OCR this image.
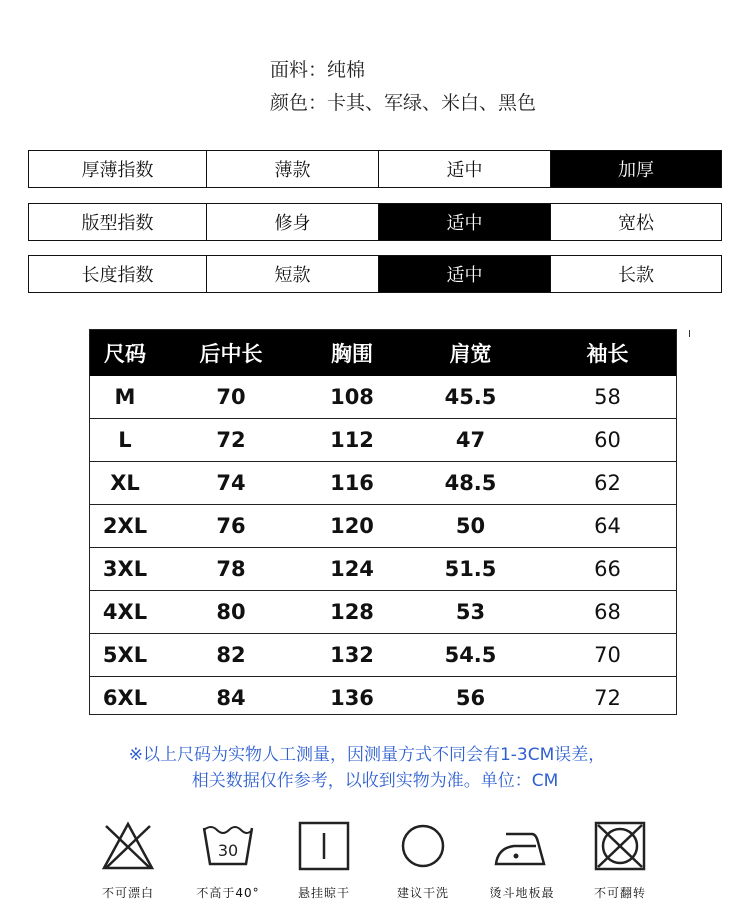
面料：纯棉
颜色：卡其、军绿、米白、黑色
厚薄指数	薄款	适中	加厚
版型指数	修身	适中	宽松
长度指数	短款	适中	长款
尺码	后中长	胸围	肩宽	袖长
M	70	108	45.5	58
L	72	112	47	60
XL	74	116	48.5	62
2XL	76	120	50	64
3XL	78	124	51.5	66
4XL	80	128	53	68
5XL	82	132	54.5	70
6XL	84	136	56	72
※以上尺码为实物人工测量，因测量方式不同会有1-3CM误差，
相关数据仅作参考，以收到实物为准。单位：CM
不可漂白
30
不高于40°	悬挂晾干	建议干洗	烫斗地板最	不可翻转
